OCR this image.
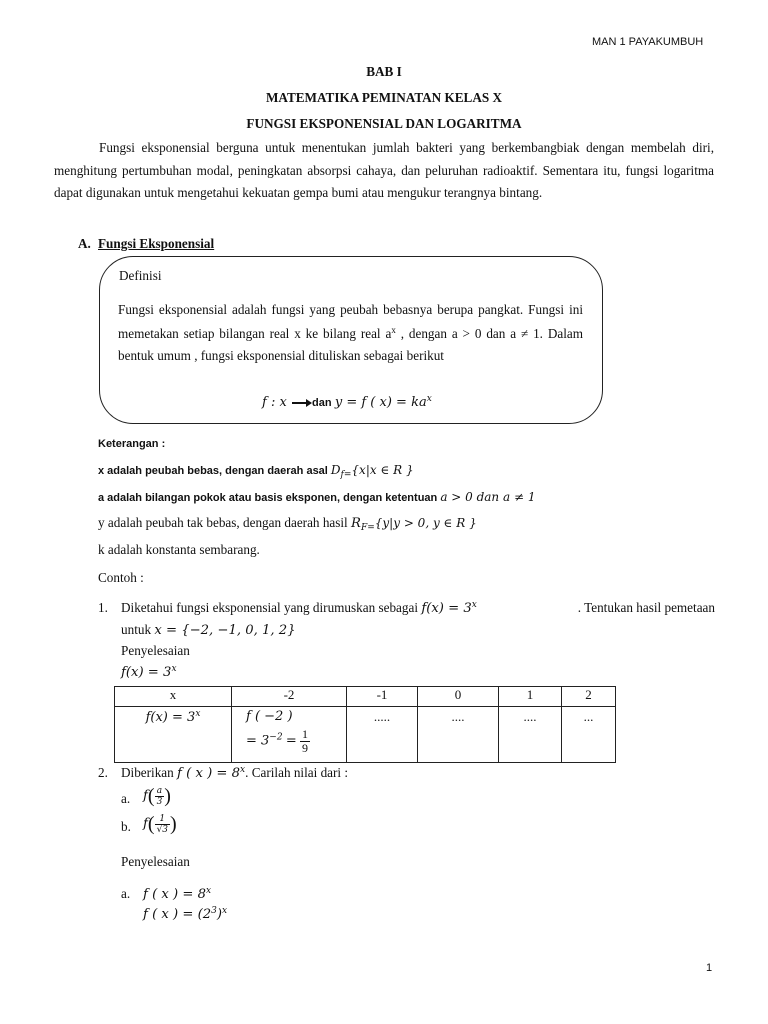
MAN 1 PAYAKUMBUH
BAB I
MATEMATIKA PEMINATAN KELAS X
FUNGSI EKSPONENSIAL DAN LOGARITMA
Fungsi eksponensial berguna untuk menentukan jumlah bakteri yang berkembangbiak dengan membelah diri, menghitung pertumbuhan modal, peningkatan absorpsi cahaya, dan peluruhan radioaktif. Sementara itu, fungsi logaritma dapat digunakan untuk mengetahui kekuatan gempa bumi atau mengukur terangnya bintang.
A. Fungsi Eksponensial
Definisi
Fungsi eksponensial adalah fungsi yang peubah bebasnya berupa pangkat. Fungsi ini memetakan setiap bilangan real x ke bilang real $a^x$ , dengan a > 0 dan a ≠ 1. Dalam bentuk umum , fungsi eksponensial dituliskan sebagai berikut
f : x dan y = f ( $x) = ka^x$
Keterangan :
x adalah peubah bebas, dengan daerah asal $D_{f=}\{x|x$ ∈ R }
a adalah bilangan pokok atau basis eksponen, dengan ketentuan a > 0 dan a ≠ 1
y adalah peubah tak bebas, dengan daerah hasil $R_{F=}\{y|y > 0$, y ∈ R }
k adalah konstanta sembarang.
Contoh :
1. Diketahui fungsi eksponensial yang dirumuskan sebagai $f(x) = 3^x$	. Tentukan hasil pemetaan
untuk x = {−2, −1, 0, 1, 2}
Penyelesaian
$f(x) = 3^x$
x	-2	-1	0	1	2
$f(x) = 3^x$	f ( −2 )
= $3^{-2} = \frac{1}{9}$	.....	....	....	...
2. Diberikan f ( x ) = $8^x$. Carilah nilai dari :
a. $f( \frac{a}{3}$ )
b. $f( \frac{1}{√3}$ )
Penyelesaian
a. f ( x ) = $8^x$
f ( x ) = $(2^3)^x$
1
